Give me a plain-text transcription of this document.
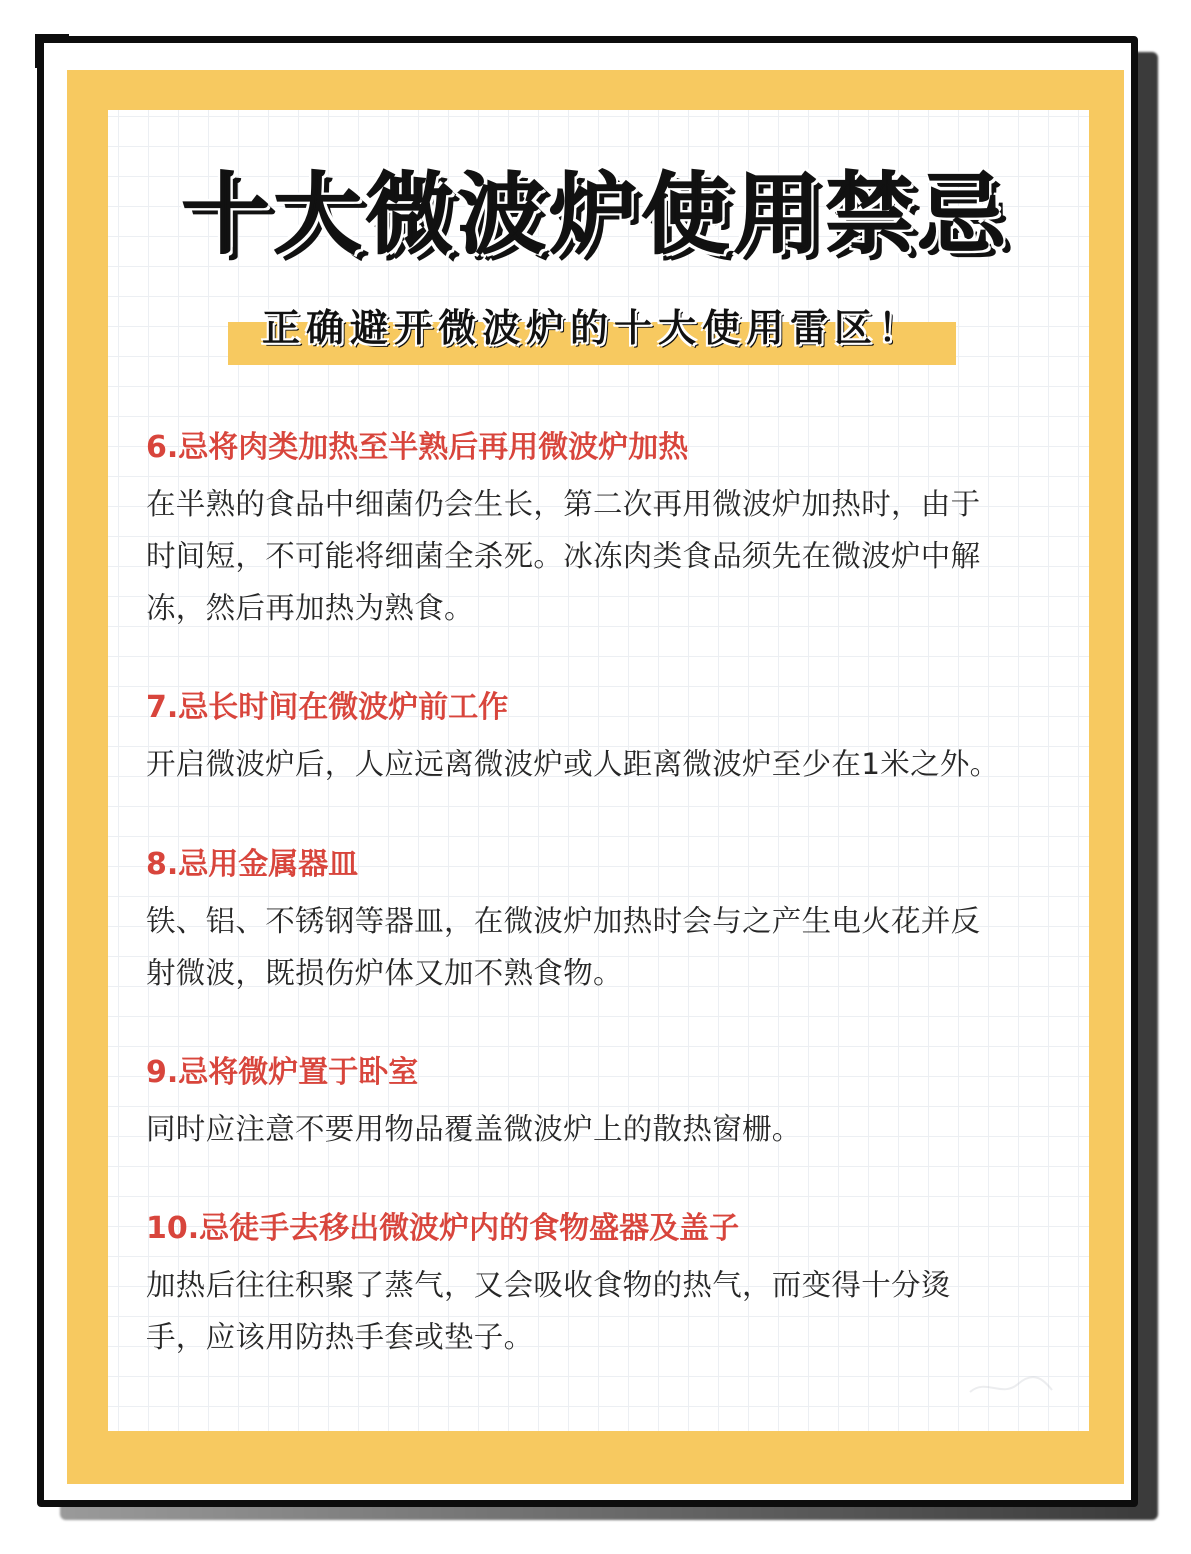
十大微波炉使用禁忌
正确避开微波炉的十大使用雷区！
6.忌将肉类加热至半熟后再用微波炉加热
在半熟的食品中细菌仍会生长，第二次再用微波炉加热时，由于
时间短，不可能将细菌全杀死。冰冻肉类食品须先在微波炉中解
冻，然后再加热为熟食。
7.忌长时间在微波炉前工作
开启微波炉后，人应远离微波炉或人距离微波炉至少在1米之外。
8.忌用金属器皿
铁、铝、不锈钢等器皿，在微波炉加热时会与之产生电火花并反
射微波，既损伤炉体又加不熟食物。
9.忌将微炉置于卧室
同时应注意不要用物品覆盖微波炉上的散热窗栅。
10.忌徒手去移出微波炉内的食物盛器及盖子
加热后往往积聚了蒸气，又会吸收食物的热气，而变得十分烫
手，应该用防热手套或垫子。
